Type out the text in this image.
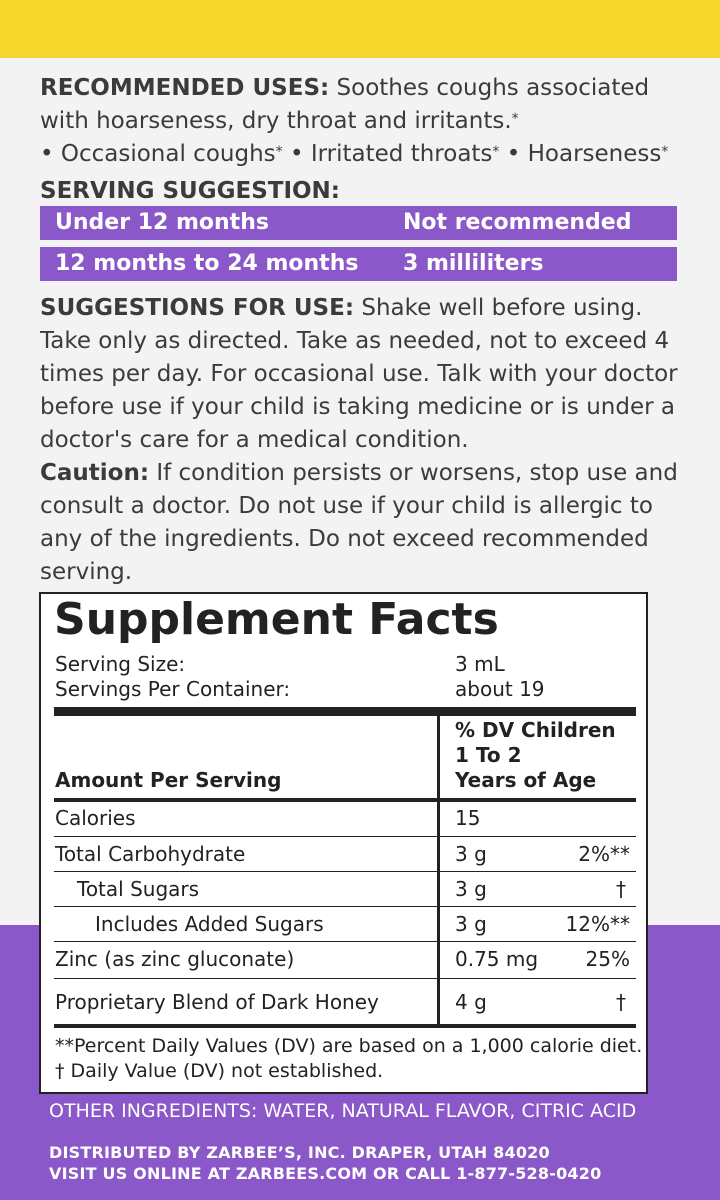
RECOMMENDED USES: Soothes coughs associated with hoarseness, dry throat and irritants.*
• Occasional coughs* • Irritated throats* • Hoarseness*
SERVING SUGGESTION:
Under 12 months	Not recommended
12 months to 24 months 3 milliliters
SUGGESTIONS FOR USE: Shake well before using. Take only as directed. Take as needed, not to exceed 4 times per day. For occasional use. Talk with your doctor before use if your child is taking medicine or is under a doctor's care for a medical condition.
Caution: If condition persists or worsens, stop use and consult a doctor. Do not use if your child is allergic to any of the ingredients. Do not exceed recommended serving.
Supplement Facts
Serving Size:	3 mL
Servings Per Container:	about 19
% DV Children
1 To 2
Years of Age
Amount Per Serving
Calories	15
Total Carbohydrate	3 g	2%**
Total Sugars	3 g	†
Includes Added Sugars	3 g	12%**
Zinc (as zinc gluconate)	0.75 mg 25%
Proprietary Blend of Dark Honey	4 g	†
**Percent Daily Values (DV) are based on a 1,000 calorie diet.
† Daily Value (DV) not established.
OTHER INGREDIENTS: WATER, NATURAL FLAVOR, CITRIC ACID
DISTRIBUTED BY ZARBEE’S, INC. DRAPER, UTAH 84020
VISIT US ONLINE AT ZARBEES.COM OR CALL 1-877-528-0420
